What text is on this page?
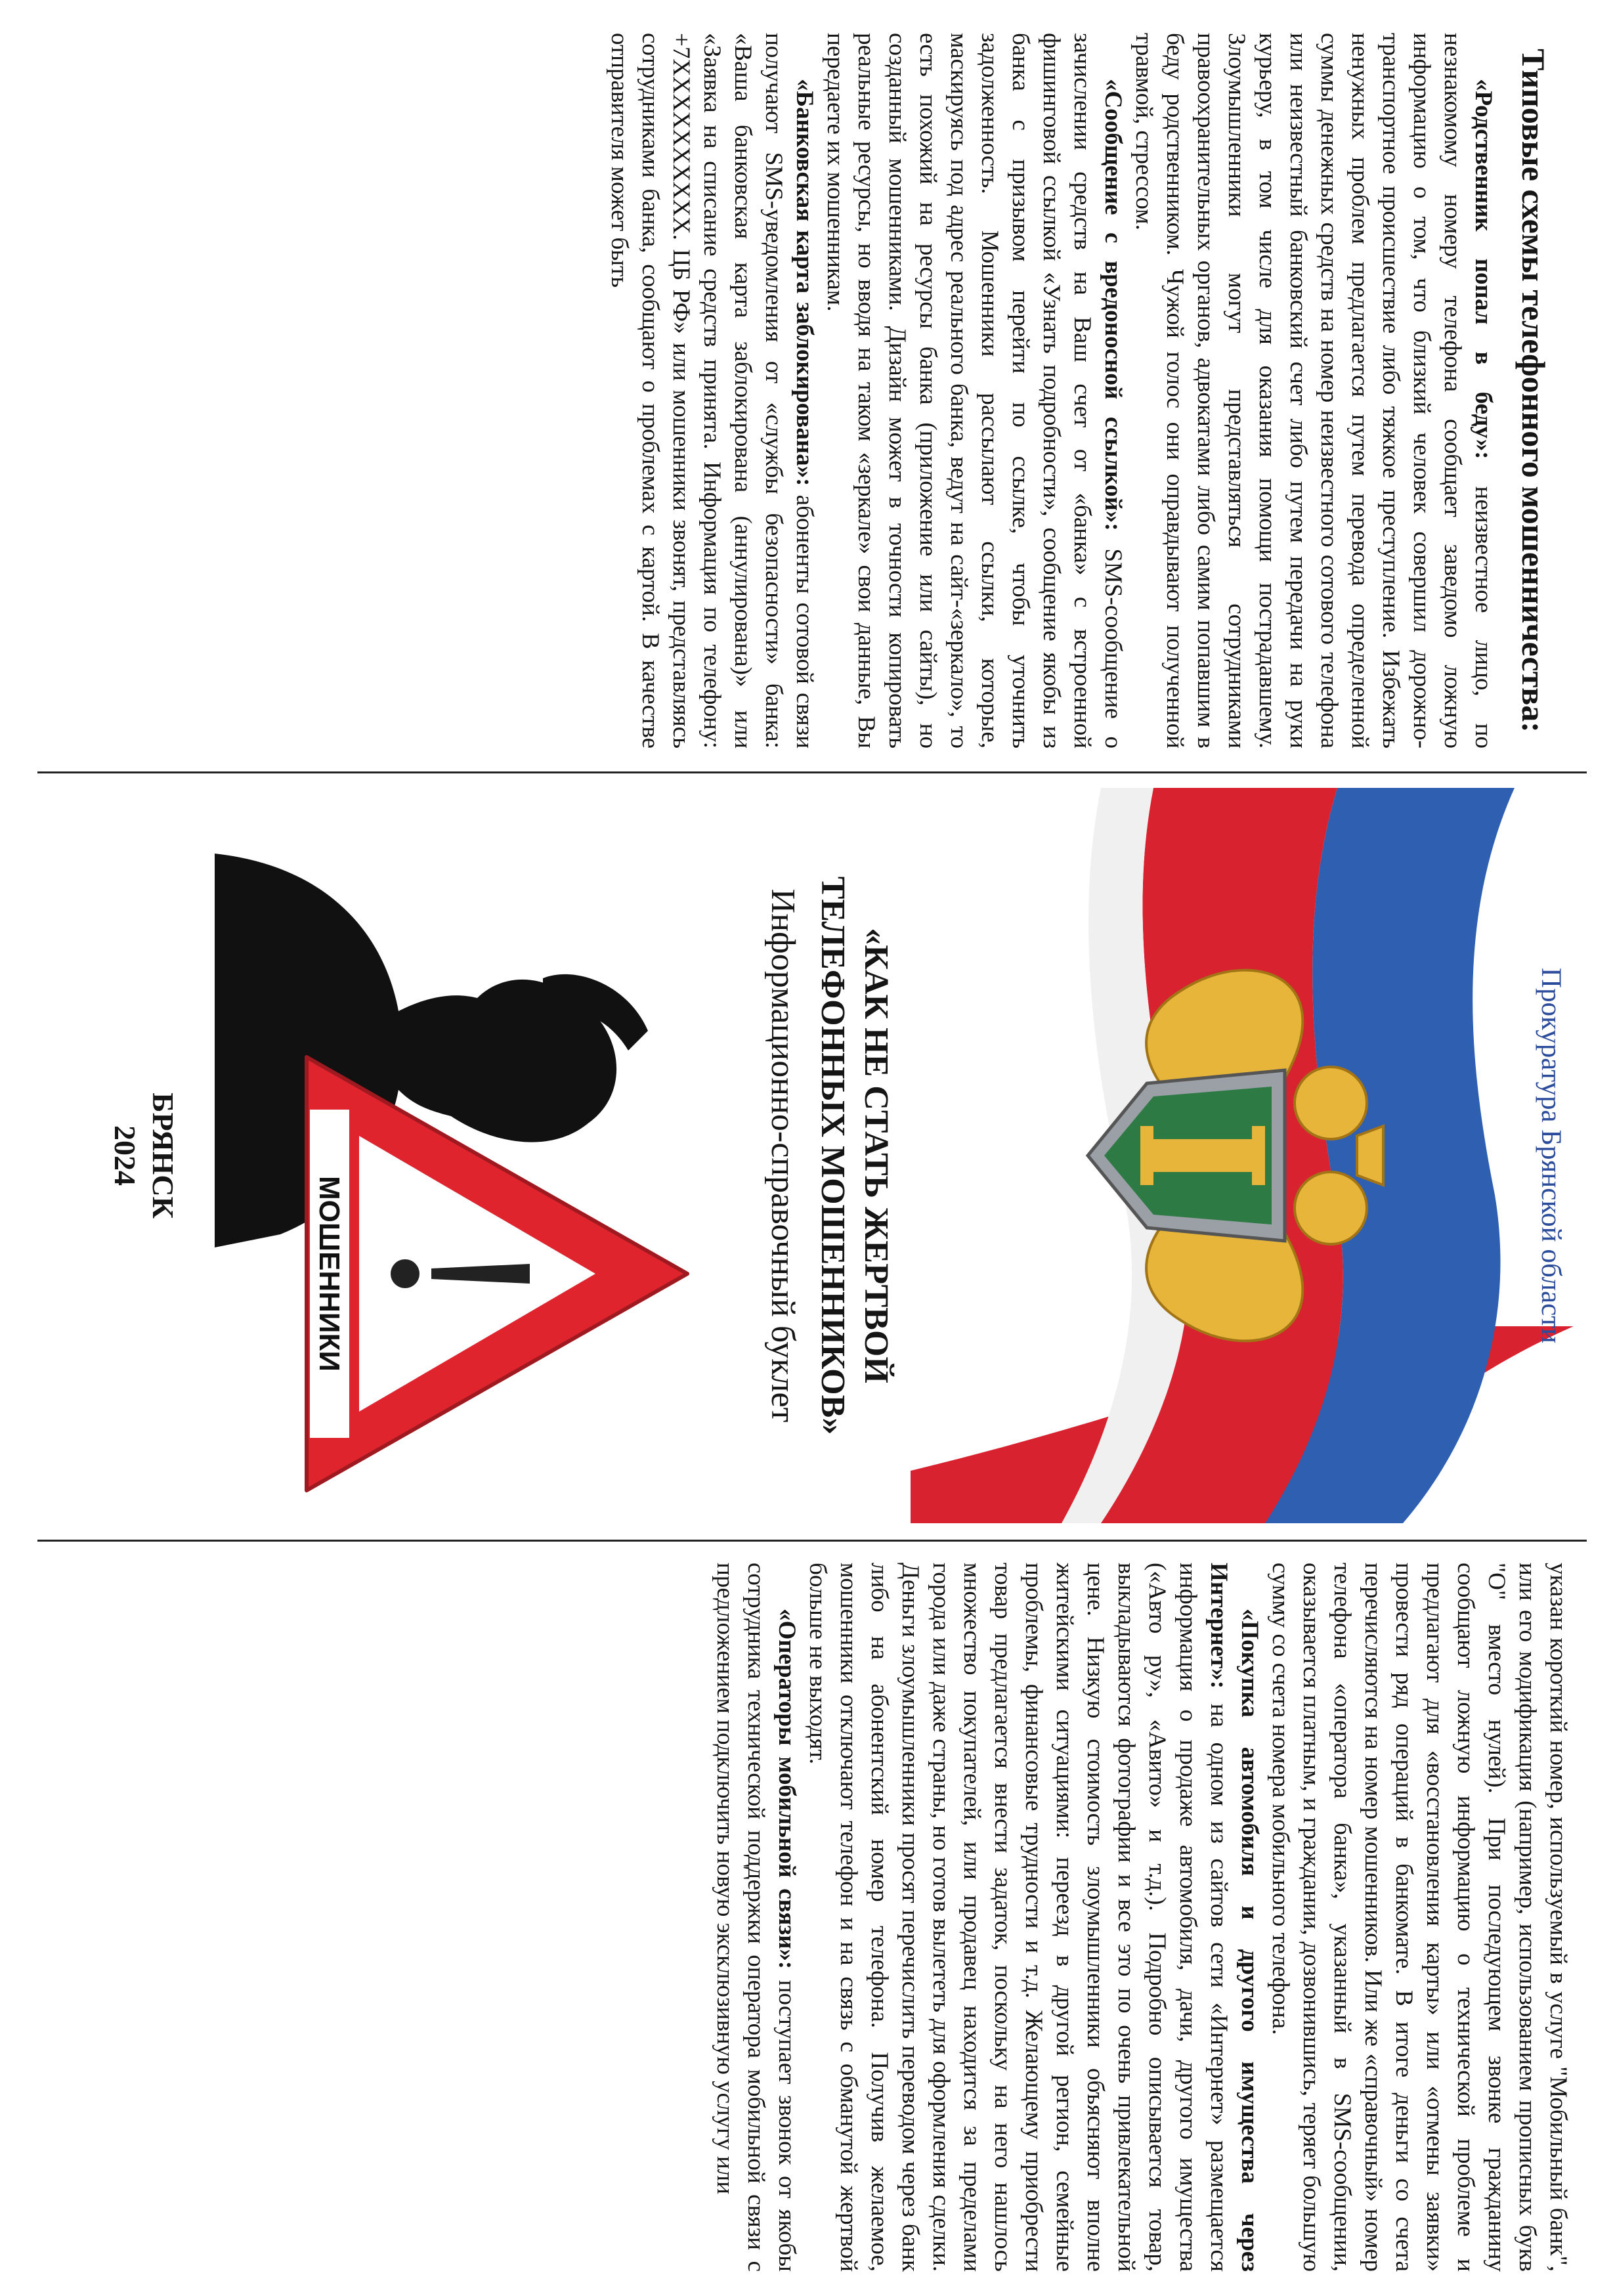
Типовые схемы телефонного мошенничества:

«Родственник попал в беду»: неизвестное лицо, по незнакомому номеру телефона сообщает заведомо ложную информацию о том, что близкий человек совершил дорожно-транспортное происшествие либо тяжкое преступление. Избежать ненужных проблем предлагается путем перевода определенной суммы денежных средств на номер неизвестного сотового телефона или неизвестный банковский счет либо путем передачи на руки курьеру, в том числе для оказания помощи пострадавшему. Злоумышленники могут представляться сотрудниками правоохранительных органов, адвокатами либо самим попавшим в беду родственником. Чужой голос они оправдывают полученной травмой, стрессом.

«Сообщение с вредоносной ссылкой»: SMS-сообщение о зачислении средств на Ваш счет от «банка» с встроенной фишинговой ссылкой «Узнать подробности», сообщение якобы из банка с призывом перейти по ссылке, чтобы уточнить задолженность. Мошенники рассылают ссылки, которые, маскируясь под адрес реального банка, ведут на сайт-«зеркало», то есть похожий на ресурсы банка (приложение или сайты), но созданный мошенниками. Дизайн может в точности копировать реальные ресурсы, но вводя на таком «зеркале» свои данные, Вы передаете их мошенникам.

«Банковская карта заблокирована»: абоненты сотовой связи получают SMS-уведомления от «службы безопасности» банка: «Ваша банковская карта заблокирована (аннулирована)» или «Заявка на списание средств принята. Информация по телефону: +7XXXXXXXXXX. ЦБ РФ» или мошенники звонят, представляясь сотрудниками банка, сообщают о проблемах с картой. В качестве отправителя может быть

Прокуратура Брянской области
«КАК НЕ СТАТЬ ЖЕРТВОЙ
ТЕЛЕФОННЫХ МОШЕННИКОВ»
Информационно-справочный буклет
МОШЕННИКИ
БРЯНСК
2024

указан короткий номер, используемый в услуге "Мобильный банк", или его модификация (например, использованием прописных букв "О" вместо нулей). При последующем звонке гражданину сообщают ложную информацию о технической проблеме и предлагают для «восстановления карты» или «отмены заявки» провести ряд операций в банкомате. В итоге деньги со счета перечисляются на номер мошенников. Или же «справочный» номер телефона «оператора банка», указанный в SMS-сообщении, оказывается платным, и граждании, дозвонившись, теряет большую сумму со счета номера мобильного телефона.

«Покупка автомобиля и другого имущества через Интернет»: на одном из сайтов сети «Интернет» размещается информация о продаже автомобиля, дачи, другого имущества («Авто ру», «Авито» и т.д.). Подробно описывается товар, выкладываются фотографии и все это по очень привлекательной цене. Низкую стоимость злоумышленники объясняют вполне житейскими ситуациями: переезд в другой регион, семейные проблемы, финансовые трудности и т.д. Желающему приобрести товар предлагается внести задаток, поскольку на него нашлось множество покупателей, или продавец находится за пределами города или даже страны, но готов вылететь для оформления сделки. Деньги злоумышленники просят перечислить переводом через банк либо на абонентский номер телефона. Получив желаемое, мошенники отключают телефон и на связь с обманутой жертвой больше не выходят.

«Операторы мобильной связи»: поступает звонок от якобы сотрудника технической поддержки оператора мобильной связи с предложением подключить новую эксклюзивную услугу или
